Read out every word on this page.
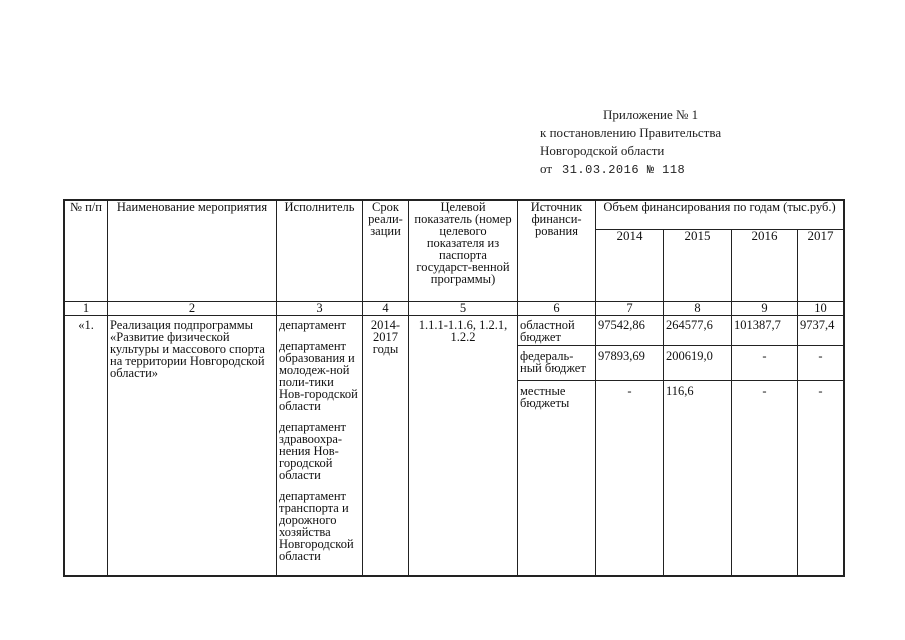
Приложение № 1
к постановлению Правительства
Новгородской области
от 31.03.2016 № 118
№ п/п	Наименование мероприятия	Исполнитель	Срок реали-зации	Целевой показатель (номер целевого показателя из паспорта государст-венной программы)	Источник финанси-рования	Объем финансирования по годам (тыс.руб.)			
						2014	2015	2016	2017
1	2	3	4	5	6	7	8	9	10
«1.	Реализация подпрограммы «Развитие физической культуры и массового спорта на территории Новгородской области»	департамент
департамент образования и молодеж-ной поли-тики Нов-городской области
департамент здравоохра-нения Нов-городской области
департамент транспорта и дорожного хозяйства Новгородской области	2014-2017 годы	1.1.1-1.1.6, 1.2.1, 1.2.2	областной бюджет	97542,86	264577,6	101387,7	9737,4
					федераль-ный бюджет	97893,69	200619,0	-	-
					местные бюджеты	-	116,6	-	-
